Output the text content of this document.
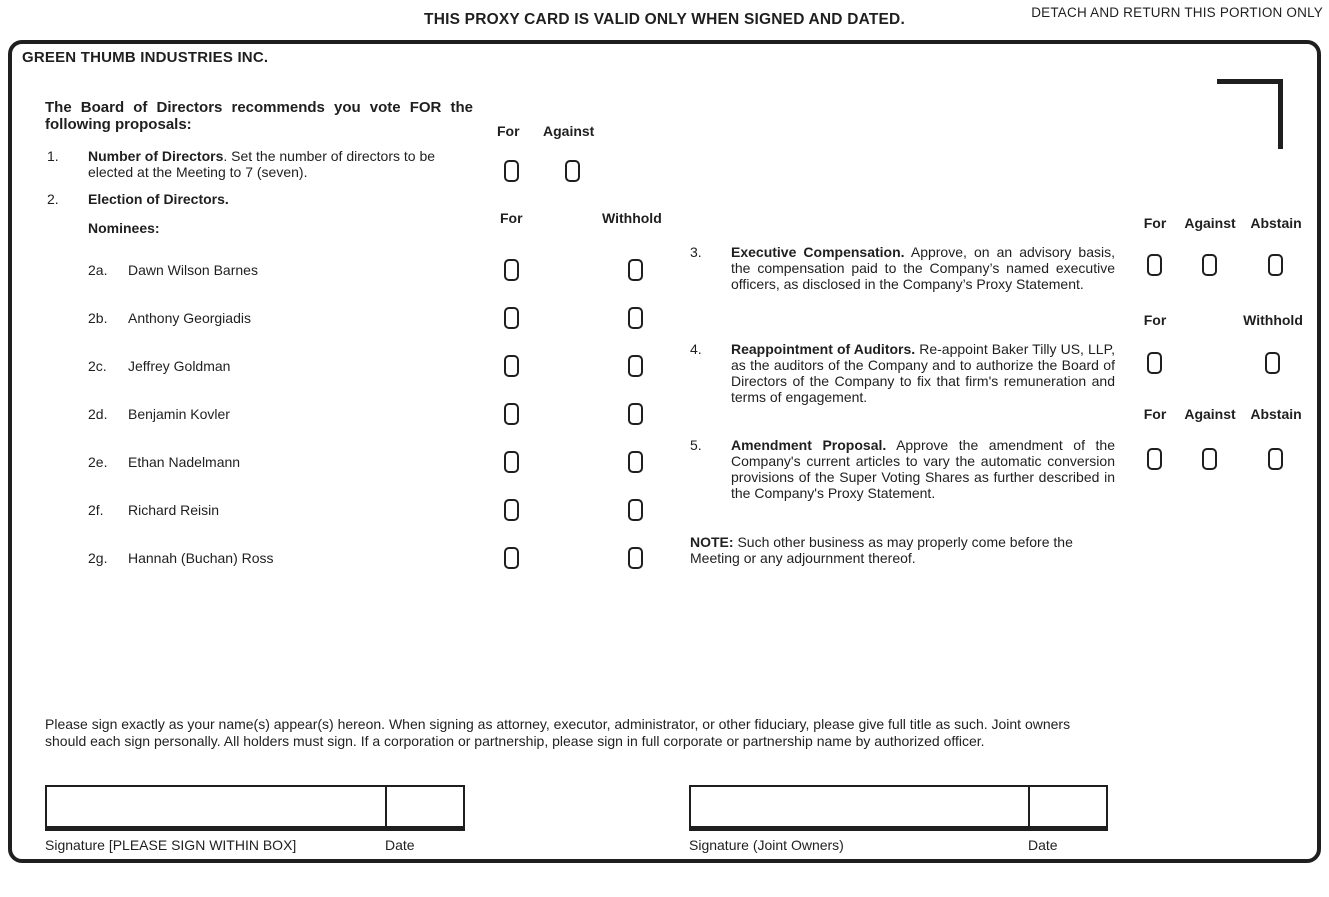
THIS PROXY CARD IS VALID ONLY WHEN SIGNED AND DATED.	DETACH AND RETURN THIS PORTION ONLY
GREEN THUMB INDUSTRIES INC.
The Board of Directors recommends you vote FOR the following proposals:	For Against
1. Number of Directors. Set the number of directors to be elected at the Meeting to 7 (seven).
2. Election of Directors.
For	Withhold
Nominees:
2a. Dawn Wilson Barnes
2b. Anthony Georgiadis
2c. Jeffrey Goldman
2d. Benjamin Kovler
2e. Ethan Nadelmann
2f. Richard Reisin
2g. Hannah (Buchan) Ross
For Against Abstain
3. Executive Compensation. Approve, on an advisory basis, the compensation paid to the Company’s named executive officers, as disclosed in the Company’s Proxy Statement.
For	Withhold
4. Reappointment of Auditors. Re-appoint Baker Tilly US, LLP, as the auditors of the Company and to authorize the Board of Directors of the Company to fix that firm's remuneration and terms of engagement.
For Against Abstain
5. Amendment Proposal. Approve the amendment of the Company's current articles to vary the automatic conversion provisions of the Super Voting Shares as further described in the Company's Proxy Statement.
NOTE: Such other business as may properly come before the Meeting or any adjournment thereof.
Please sign exactly as your name(s) appear(s) hereon. When signing as attorney, executor, administrator, or other fiduciary, please give full title as such. Joint owners should each sign personally. All holders must sign. If a corporation or partnership, please sign in full corporate or partnership name by authorized officer.
Signature [PLEASE SIGN WITHIN BOX]	Date	Signature (Joint Owners)	Date
